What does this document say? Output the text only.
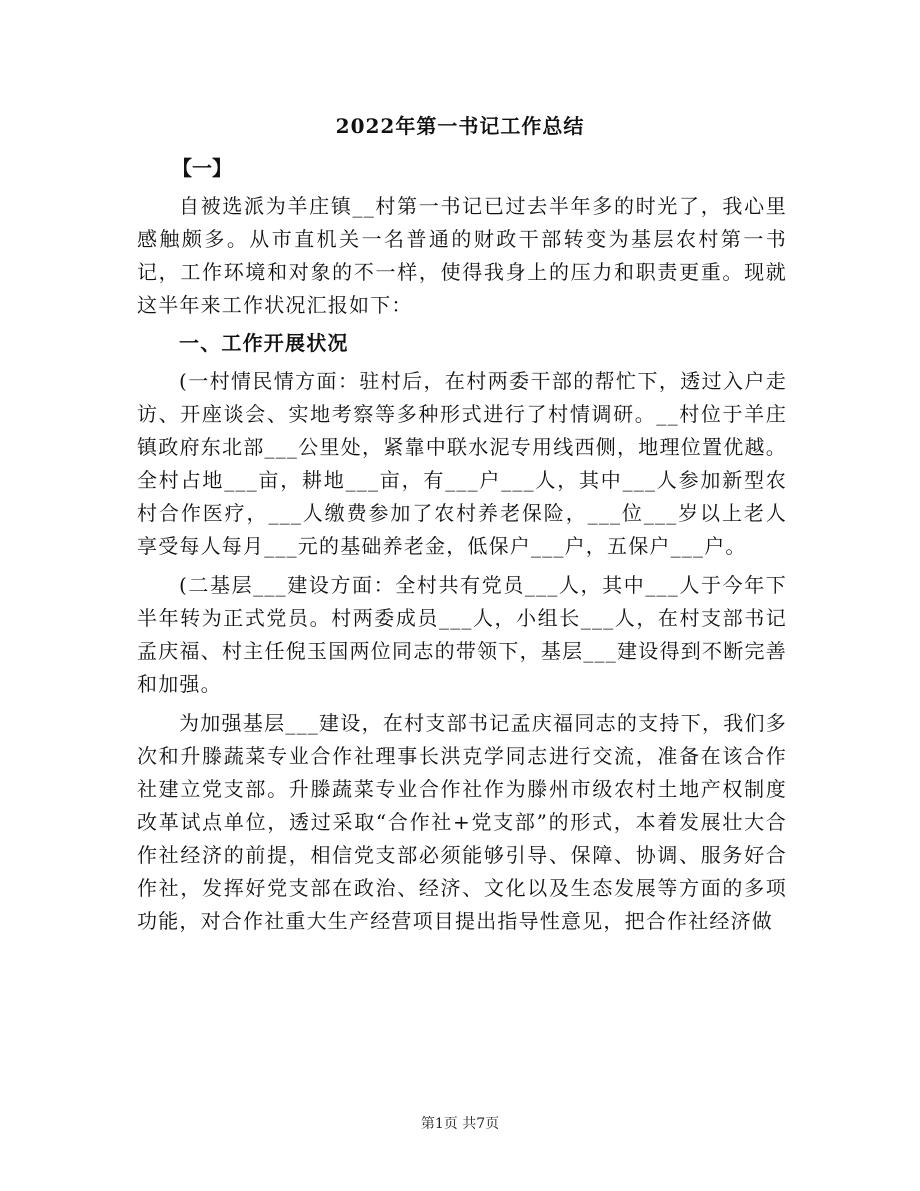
2022年第一书记工作总结
【一】

自被选派为羊庄镇__村第一书记已过去半年多的时光了，我心里感触颇多。从市直机关一名普通的财政干部转变为基层农村第一书记，工作环境和对象的不一样，使得我身上的压力和职责更重。现就这半年来工作状况汇报如下：

一、工作开展状况

(一村情民情方面：驻村后，在村两委干部的帮忙下，透过入户走访、开座谈会、实地考察等多种形式进行了村情调研。__村位于羊庄镇政府东北部___公里处，紧靠中联水泥专用线西侧，地理位置优越。全村占地___亩，耕地___亩，有___户___人，其中___人参加新型农村合作医疗，___人缴费参加了农村养老保险，___位___岁以上老人享受每人每月___元的基础养老金，低保户___户，五保户___户。

(二基层___建设方面：全村共有党员___人，其中___人于今年下半年转为正式党员。村两委成员___人，小组长___人，在村支部书记孟庆福、村主任倪玉国两位同志的带领下，基层___建设得到不断完善和加强。

为加强基层___建设，在村支部书记孟庆福同志的支持下，我们多次和升滕蔬菜专业合作社理事长洪克学同志进行交流，准备在该合作社建立党支部。升滕蔬菜专业合作社作为滕州市级农村土地产权制度改革试点单位，透过采取“合作社+党支部”的形式，本着发展壮大合作社经济的前提，相信党支部必须能够引导、保障、协调、服务好合作社，发挥好党支部在政治、经济、文化以及生态发展等方面的多项功能，对合作社重大生产经营项目提出指导性意见，把合作社经济做

第1页 共7页
